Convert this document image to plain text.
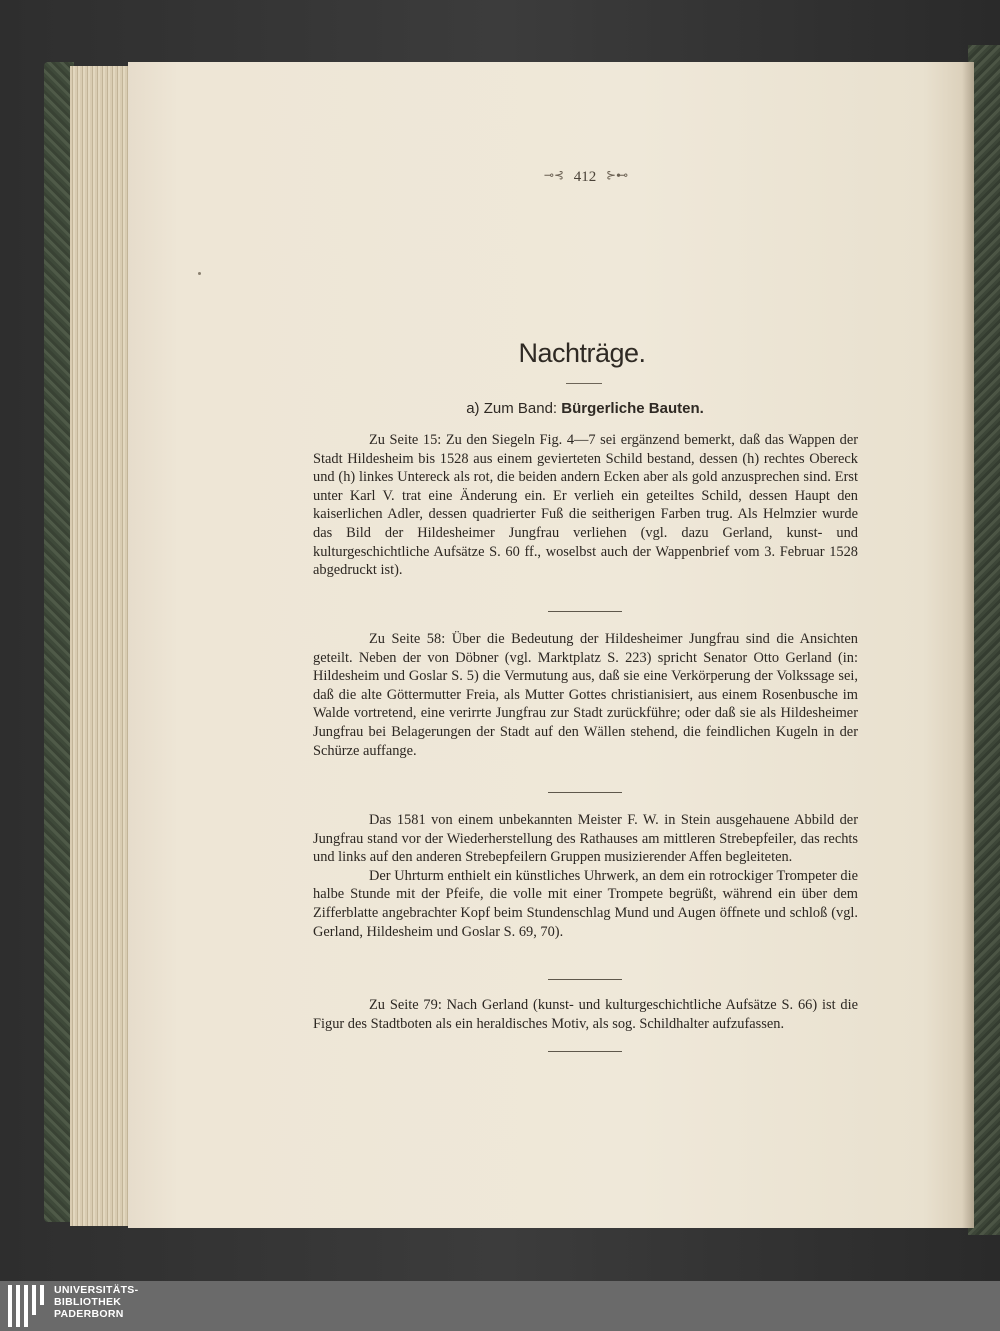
⊸⊰ 412 ⊱⊷
Nachträge.
a) Zum Band: Bürgerliche Bauten.

Zu Seite 15: Zu den Siegeln Fig. 4—7 sei ergänzend bemerkt, daß das Wappen der Stadt Hildesheim bis 1528 aus einem gevierteten Schild bestand, dessen (h) rechtes Obereck und (h) linkes Untereck als rot, die beiden andern Ecken aber als gold anzusprechen sind. Erst unter Karl V. trat eine Änderung ein. Er verlieh ein geteiltes Schild, dessen Haupt den kaiserlichen Adler, dessen quadrierter Fuß die seitherigen Farben trug. Als Helmzier wurde das Bild der Hildesheimer Jungfrau verliehen (vgl. dazu Gerland, kunst- und kulturgeschichtliche Aufsätze S. 60 ff., woselbst auch der Wappenbrief vom 3. Februar 1528 abgedruckt ist).

Zu Seite 58: Über die Bedeutung der Hildesheimer Jungfrau sind die Ansichten geteilt. Neben der von Döbner (vgl. Marktplatz S. 223) spricht Senator Otto Gerland (in: Hildesheim und Goslar S. 5) die Vermutung aus, daß sie eine Verkörperung der Volkssage sei, daß die alte Göttermutter Freia, als Mutter Gottes christianisiert, aus einem Rosenbusche im Walde vortretend, eine verirrte Jungfrau zur Stadt zurückführe; oder daß sie als Hildesheimer Jungfrau bei Belagerungen der Stadt auf den Wällen stehend, die feindlichen Kugeln in der Schürze auffange.

Das 1581 von einem unbekannten Meister F. W. in Stein ausgehauene Abbild der Jungfrau stand vor der Wiederherstellung des Rathauses am mittleren Strebepfeiler, das rechts und links auf den anderen Strebepfeilern Gruppen musizierender Affen begleiteten.

Der Uhrturm enthielt ein künstliches Uhrwerk, an dem ein rotrockiger Trompeter die halbe Stunde mit der Pfeife, die volle mit einer Trompete begrüßt, während ein über dem Zifferblatte angebrachter Kopf beim Stundenschlag Mund und Augen öffnete und schloß (vgl. Gerland, Hildesheim und Goslar S. 69, 70).

Zu Seite 79: Nach Gerland (kunst- und kulturgeschichtliche Aufsätze S. 66) ist die Figur des Stadtboten als ein heraldisches Motiv, als sog. Schildhalter aufzufassen.

UNIVERSITÄTS-
BIBLIOTHEK
PADERBORN
